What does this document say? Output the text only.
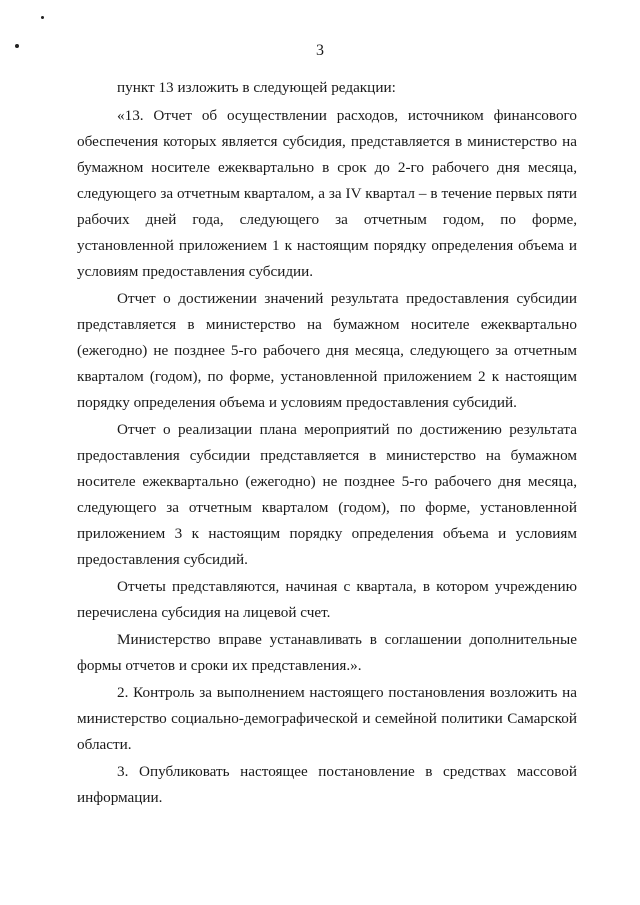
3

пункт 13 изложить в следующей редакции:

«13. Отчет об осуществлении расходов, источником финансового обеспечения которых является субсидия, представляется в министерство на бумажном носителе ежеквартально в срок до 2-го рабочего дня месяца, следующего за отчетным кварталом, а за IV квартал – в течение первых пяти рабочих дней года, следующего за отчетным годом, по форме, установленной приложением 1 к настоящим порядку определения объема и условиям предоставления субсидии.

Отчет о достижении значений результата предоставления субсидии представляется в министерство на бумажном носителе ежеквартально (ежегодно) не позднее 5-го рабочего дня месяца, следующего за отчетным кварталом (годом), по форме, установленной приложением 2 к настоящим порядку определения объема и условиям предоставления субсидий.

Отчет о реализации плана мероприятий по достижению результата предоставления субсидии представляется в министерство на бумажном носителе ежеквартально (ежегодно) не позднее 5-го рабочего дня месяца, следующего за отчетным кварталом (годом), по форме, установленной приложением 3 к настоящим порядку определения объема и условиям предоставления субсидий.

Отчеты представляются, начиная с квартала, в котором учреждению перечислена субсидия на лицевой счет.

Министерство вправе устанавливать в соглашении дополнительные формы отчетов и сроки их представления.».

2. Контроль за выполнением настоящего постановления возложить на министерство социально-демографической и семейной политики Самарской области.

3. Опубликовать настоящее постановление в средствах массовой информации.
